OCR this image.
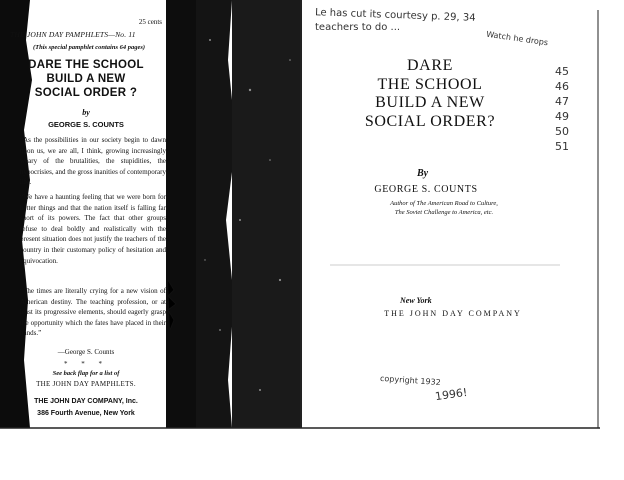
25 cents
THE JOHN DAY PAMPHLETS—No. 11
(This special pamphlet contains 64 pages)
DARE THE SCHOOL
BUILD A NEW
SOCIAL ORDER ?
by
GEORGE S. COUNTS
“As the possibilities in our society begin to dawn upon us, we are all, I think, growing increasingly weary of the brutalities, the stupidities, the hypocrisies, and the gross inanities of contemporary life.
“We have a haunting feeling that we were born for better things and that the nation itself is falling far short of its powers. The fact that other groups refuse to deal boldly and realistically with the present situation does not justify the teachers of the country in their customary policy of hesitation and equivocation.
“The times are literally crying for a new vision of American destiny. The teaching profession, or at least its progressive elements, should eagerly grasp the opportunity which the fates have placed in their hands.”
—George S. Counts
* * *
See back flap for a list of
THE JOHN DAY PAMPHLETS.
THE JOHN DAY COMPANY, Inc.
386 Fourth Avenue, New York
DARE
THE SCHOOL
BUILD A NEW
SOCIAL ORDER?
By
GEORGE S. COUNTS
Author of The American Road to Culture,
The Soviet Challenge to America, etc.
New York
THE JOHN DAY COMPANY
Le has cut its courtesy p. 29, 34
teachers to do ...
Watch he drops
45
46
47
49
50
51
copyright 1932
1996!
